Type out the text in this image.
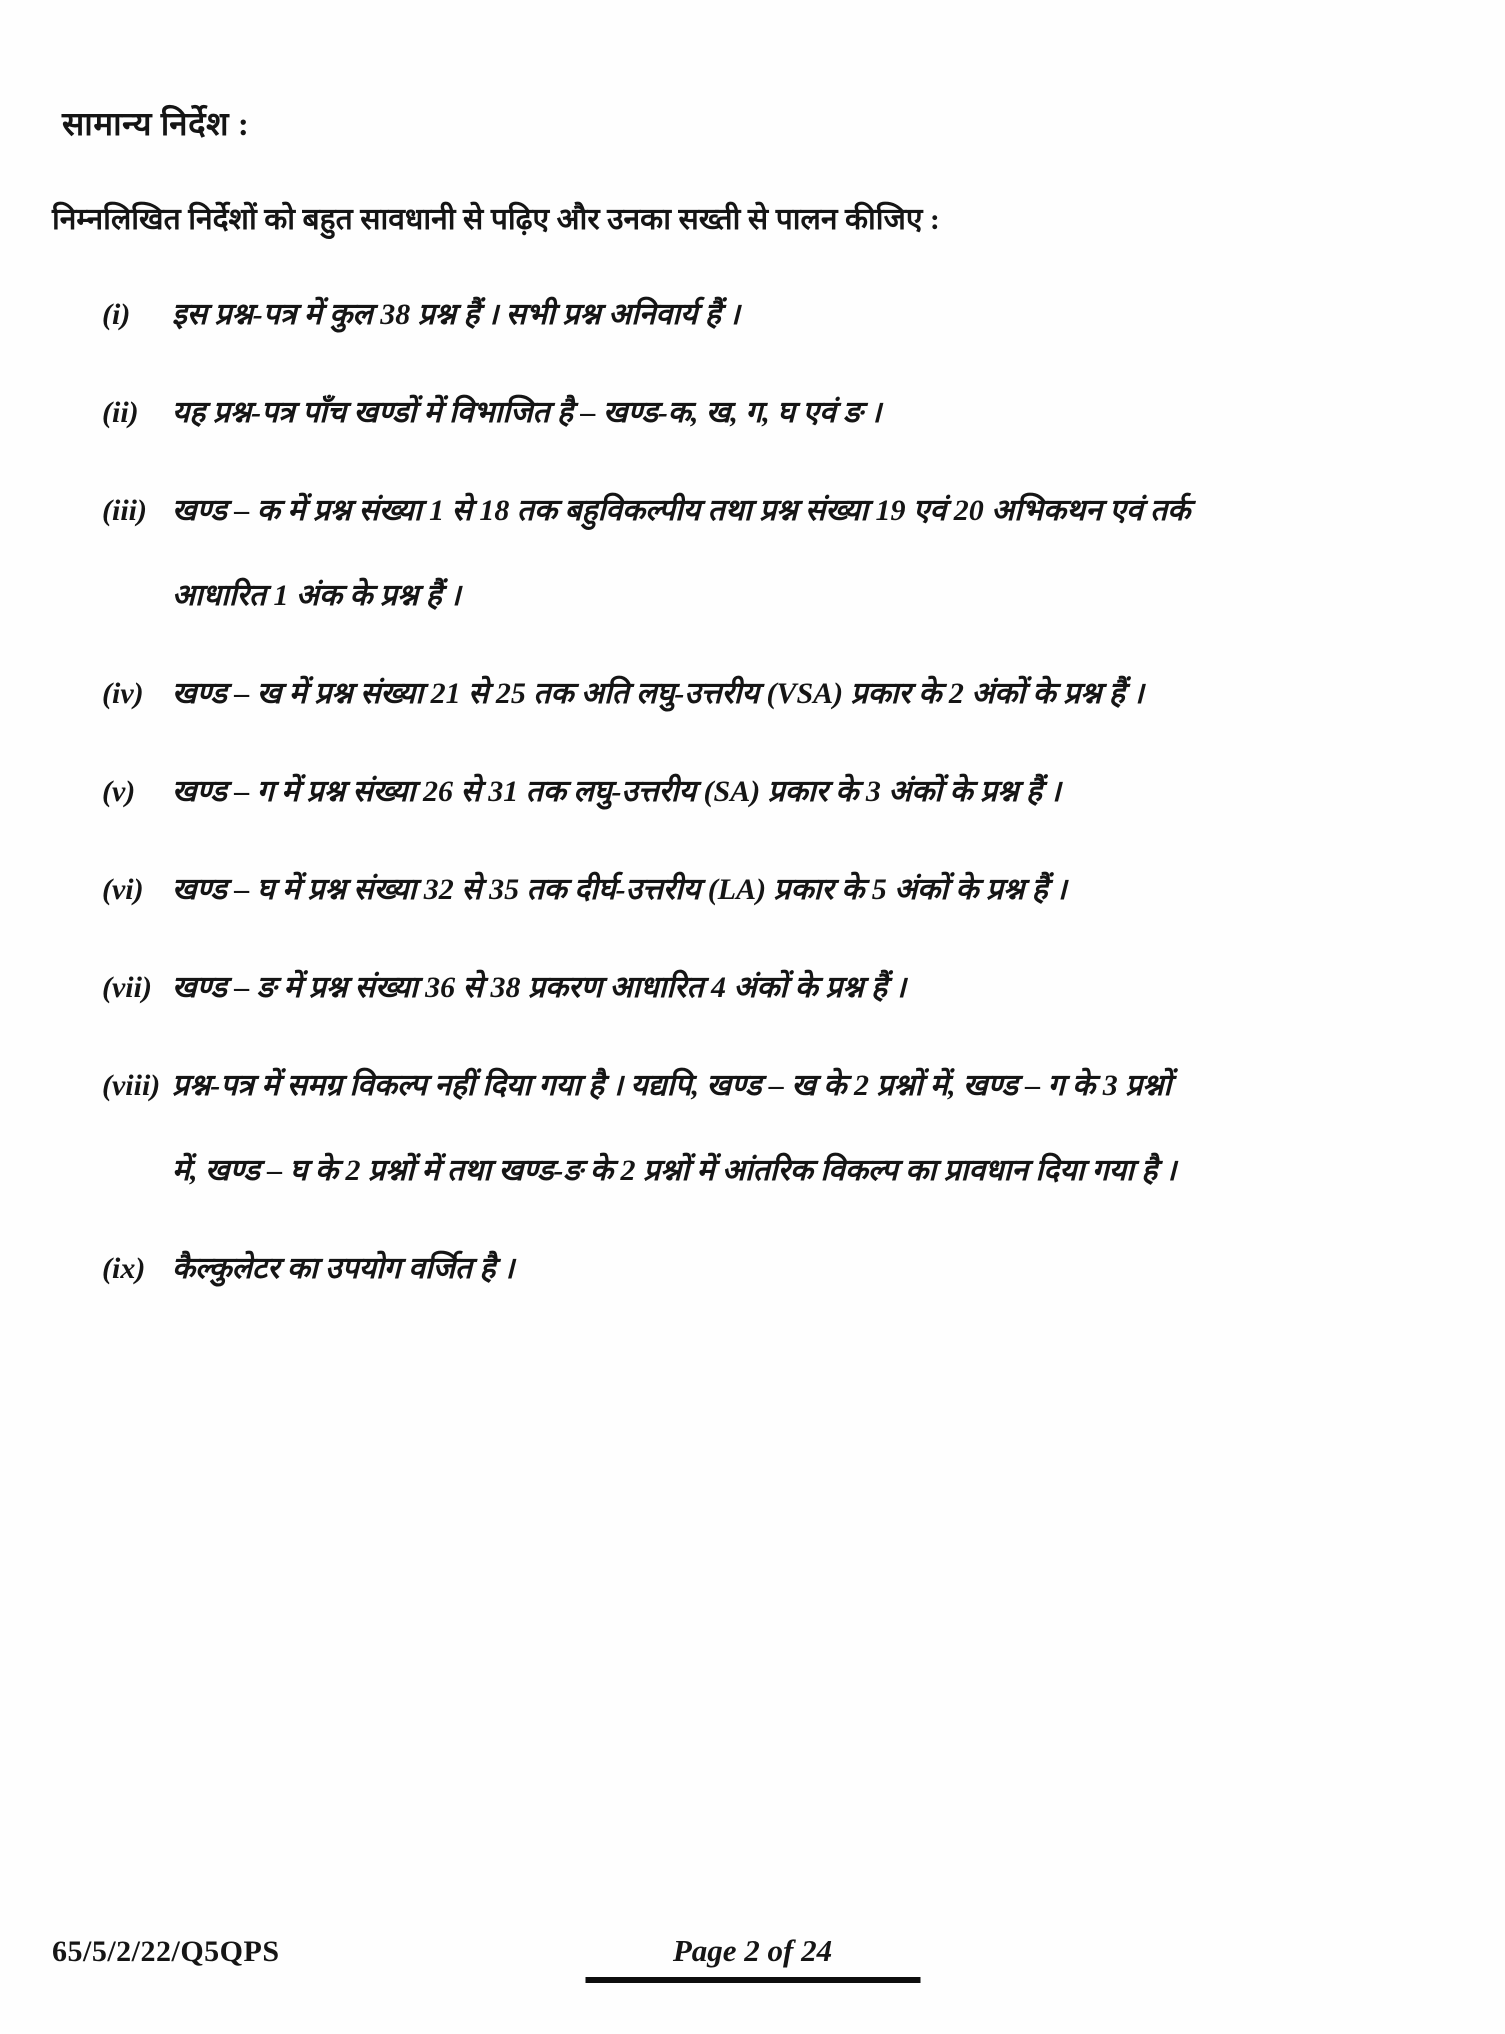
सामान्य निर्देश :
निम्नलिखित निर्देशों को बहुत सावधानी से पढ़िए और उनका सख्ती से पालन कीजिए :
(i)	इस प्रश्न-पत्र में कुल 38 प्रश्न हैं । सभी प्रश्न अनिवार्य हैं ।
(ii)	यह प्रश्न-पत्र पाँच खण्डों में विभाजित है – खण्ड-क, ख, ग, घ एवं ङ ।
(iii) खण्ड – क में प्रश्न संख्या 1 से 18 तक बहुविकल्पीय तथा प्रश्न संख्या 19 एवं 20 अभिकथन एवं तर्क
आधारित 1 अंक के प्रश्न हैं ।
(iv) खण्ड – ख में प्रश्न संख्या 21 से 25 तक अति लघु-उत्तरीय (VSA) प्रकार के 2 अंकों के प्रश्न हैं ।
(v)	खण्ड – ग में प्रश्न संख्या 26 से 31 तक लघु-उत्तरीय (SA) प्रकार के 3 अंकों के प्रश्न हैं ।
(vi) खण्ड – घ में प्रश्न संख्या 32 से 35 तक दीर्घ-उत्तरीय (LA) प्रकार के 5 अंकों के प्रश्न हैं ।
(vii) खण्ड – ङ में प्रश्न संख्या 36 से 38 प्रकरण आधारित 4 अंकों के प्रश्न हैं ।
(viii) प्रश्न-पत्र में समग्र विकल्प नहीं दिया गया है । यद्यपि, खण्ड – ख के 2 प्रश्नों में, खण्ड – ग के 3 प्रश्नों
में, खण्ड – घ के 2 प्रश्नों में तथा खण्ड-ङ के 2 प्रश्नों में आंतरिक विकल्प का प्रावधान दिया गया है ।
(ix) कैल्कुलेटर का उपयोग वर्जित है ।
65/5/2/22/Q5QPS	Page 2 of 24
